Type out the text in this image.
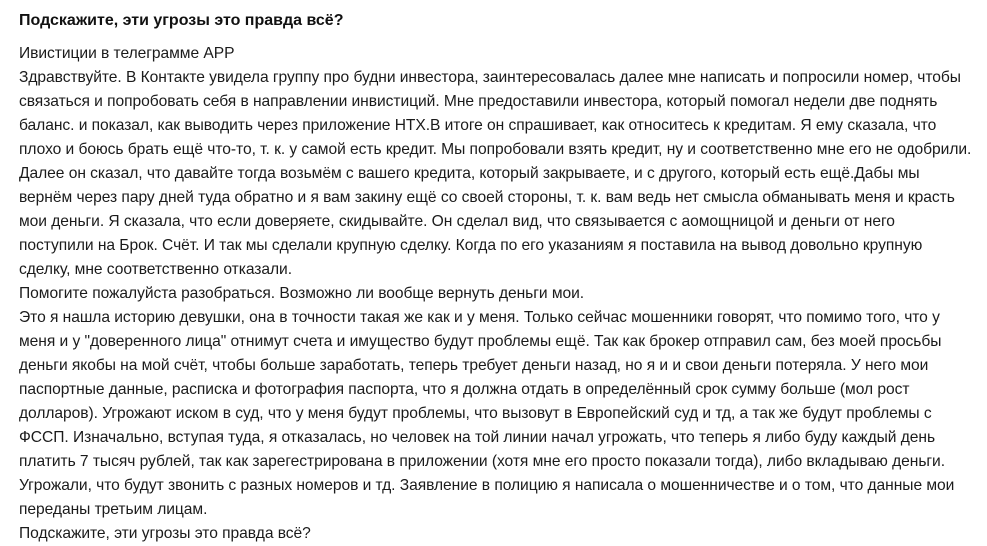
Подскажите, эти угрозы это правда всё?

Ивистиции в телеграмме APP

Здравствуйте. В Контакте увидела группу про будни инвестора, заинтересовалась далее мне написать и попросили номер, чтобы связаться и попробовать себя в направлении инвистиций. Мне предоставили инвестора, который помогал недели две поднять баланс. и показал, как выводить через приложение HTX.В итоге он спрашивает, как относитесь к кредитам. Я ему сказала, что плохо и боюсь брать ещё что-то, т. к. у самой есть кредит. Мы попробовали взять кредит, ну и соответственно мне его не одобрили. Далее он сказал, что давайте тогда возьмём с вашего кредита, который закрываете, и с другого, который есть ещё.Дабы мы вернём через пару дней туда обратно и я вам закину ещё со своей стороны, т. к. вам ведь нет смысла обманывать меня и красть мои деньги. Я сказала, что если доверяете, скидывайте. Он сделал вид, что связывается с аомощницой и деньги от него поступили на Брок. Счёт. И так мы сделали крупную сделку. Когда по его указаниям я поставила на вывод довольно крупную сделку, мне соответственно отказали.

Помогите пожалуйста разобраться. Возможно ли вообще вернуть деньги мои.

Это я нашла историю девушки, она в точности такая же как и у меня. Только сейчас мошенники говорят, что помимо того, что у меня и у "доверенного лица" отнимут счета и имущество будут проблемы ещё. Так как брокер отправил сам, без моей просьбы деньги якобы на мой счёт, чтобы больше заработать, теперь требует деньги назад, но я и и свои деньги потеряла. У него мои паспортные данные, расписка и фотография паспорта, что я должна отдать в определённый срок сумму больше (мол рост долларов). Угрожают иском в суд, что у меня будут проблемы, что вызовут в Европейский суд и тд, а так же будут проблемы с ФССП. Изначально, вступая туда, я отказалась, но человек на той линии начал угрожать, что теперь я либо буду каждый день платить 7 тысяч рублей, так как зарегестрирована в приложении (хотя мне его просто показали тогда), либо вкладываю деньги. Угрожали, что будут звонить с разных номеров и тд. Заявление в полицию я написала о мошенничестве и о том, что данные мои переданы третьим лицам.

Подскажите, эти угрозы это правда всё?
